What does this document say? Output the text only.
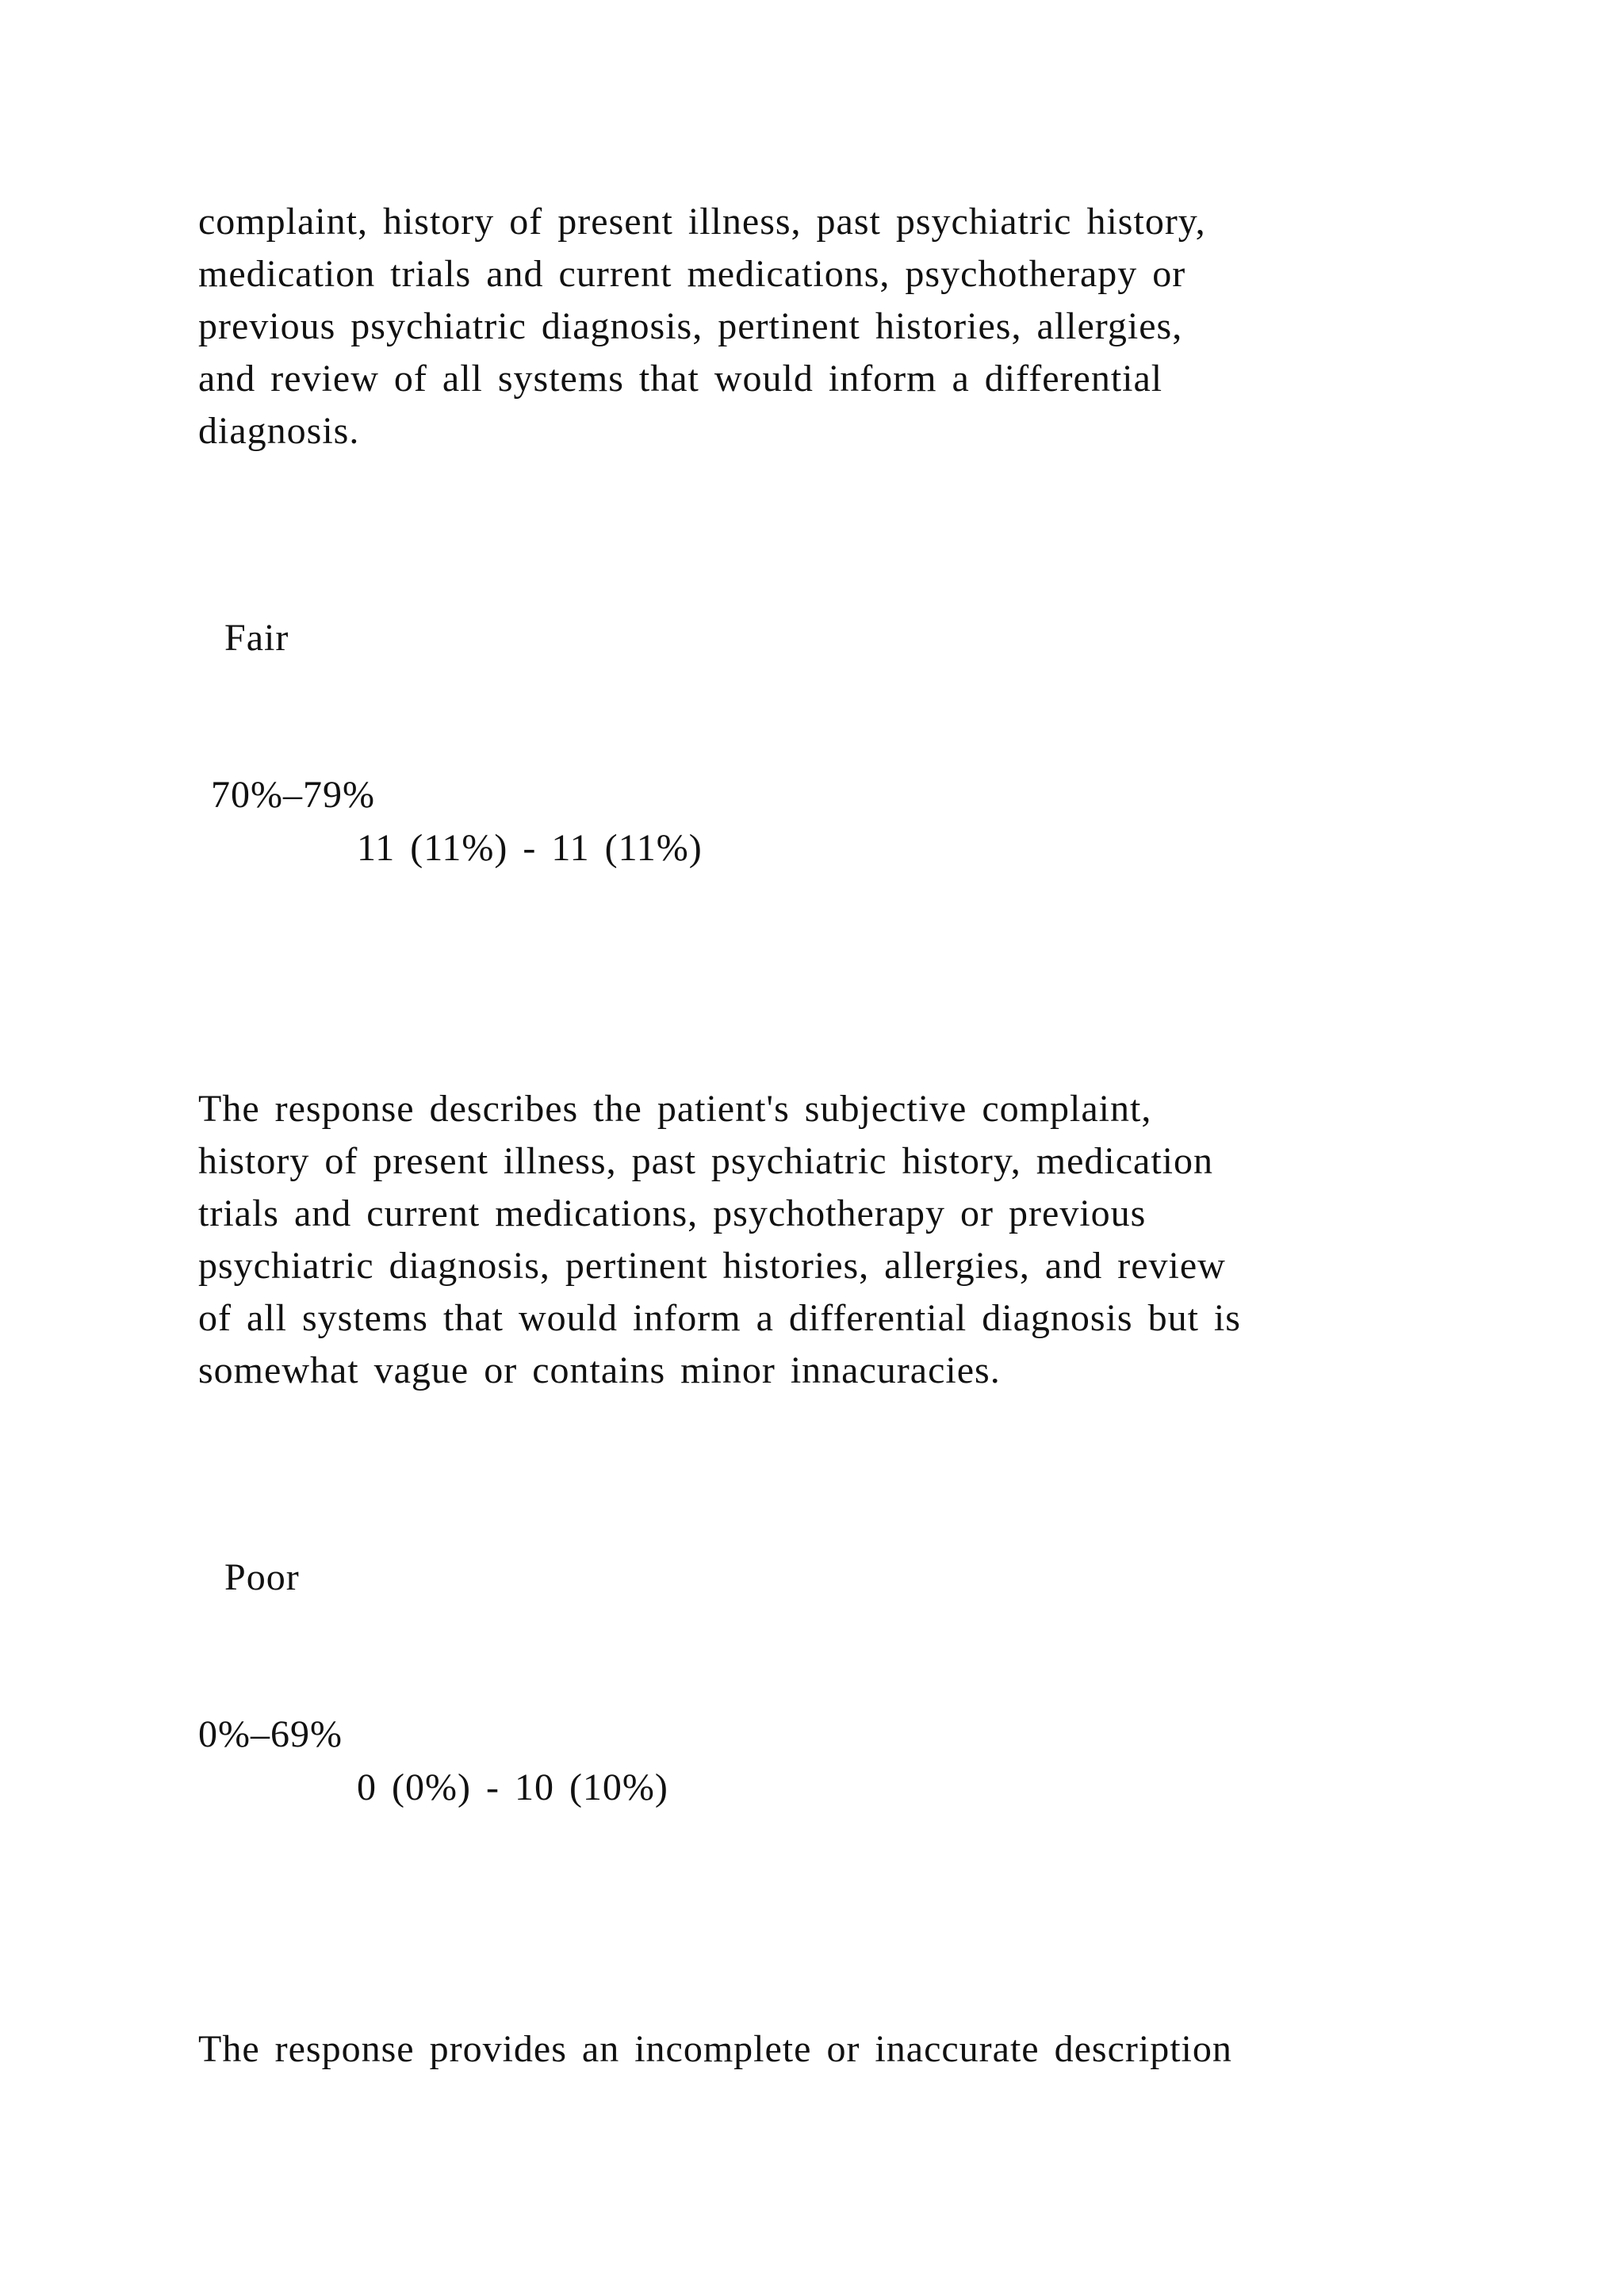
complaint, history of present illness, past psychiatric history,
medication trials and current medications, psychotherapy or
previous psychiatric diagnosis, pertinent histories, allergies,
and review of all systems that would inform a differential
diagnosis.

Fair
70%–79%
11 (11%) - 11 (11%)

The response describes the patient's subjective complaint,
history of present illness, past psychiatric history, medication
trials and current medications, psychotherapy or previous
psychiatric diagnosis, pertinent histories, allergies, and review
of all systems that would inform a differential diagnosis but is
somewhat vague or contains minor innacuracies.

Poor
0%–69%
0 (0%) - 10 (10%)

The response provides an incomplete or inaccurate description
